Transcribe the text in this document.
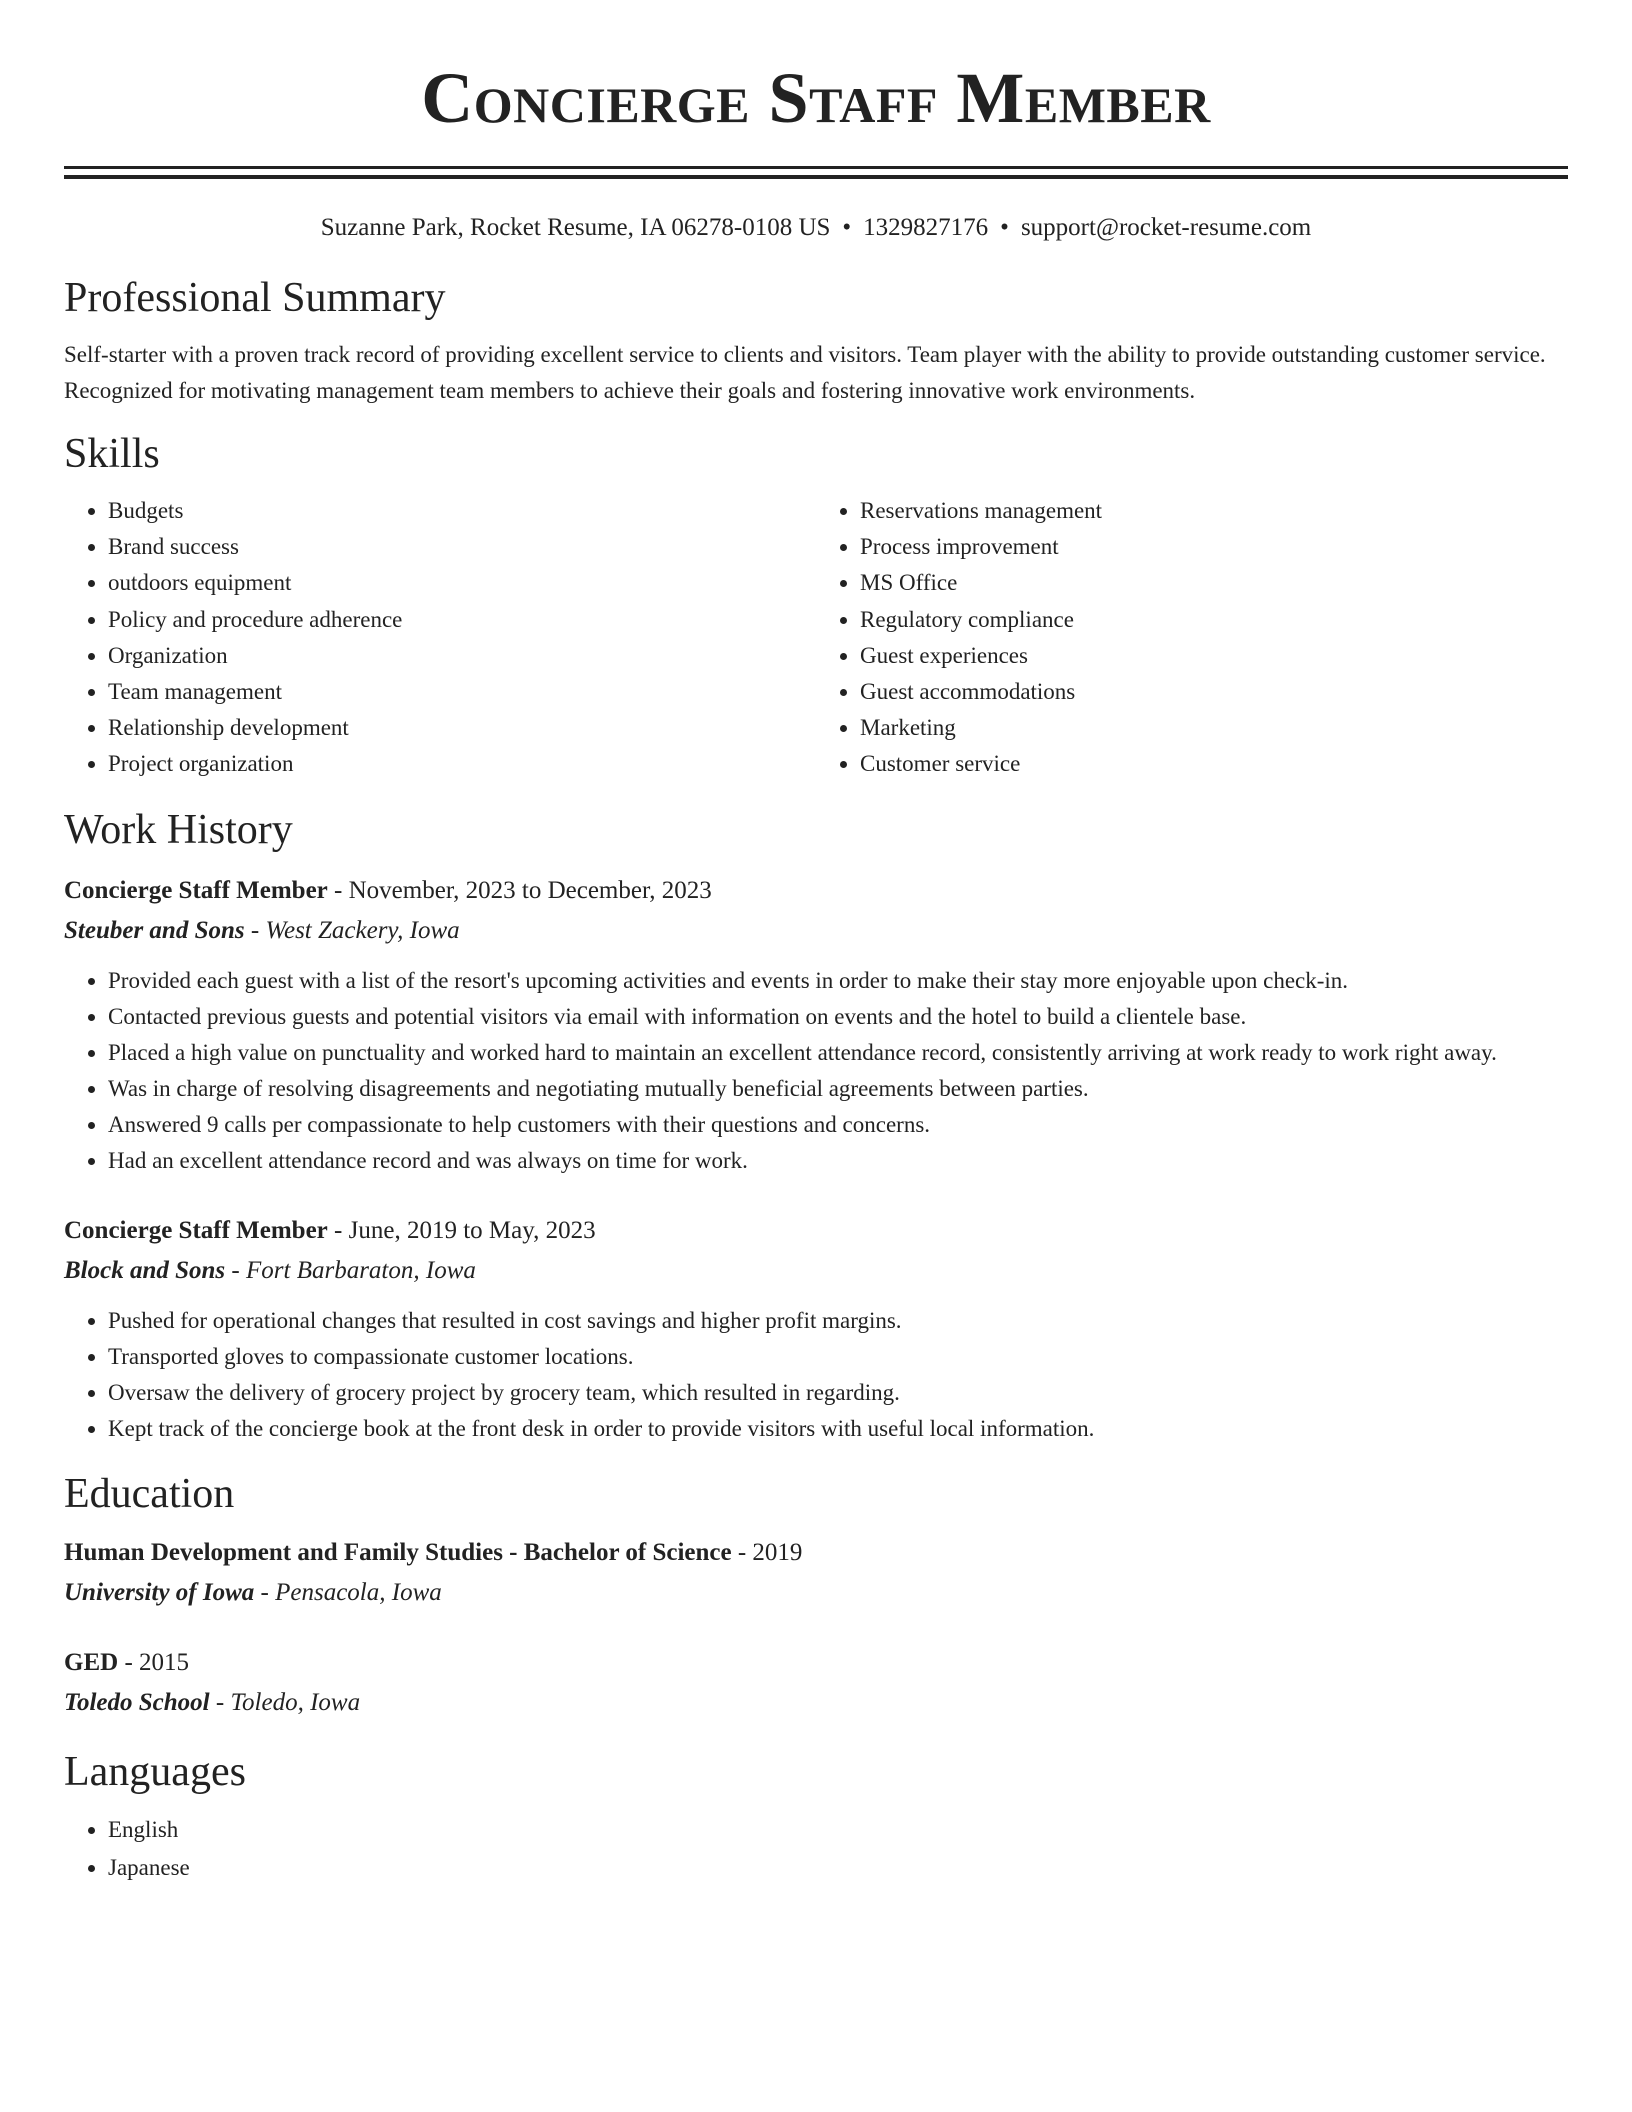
Concierge Staff Member
Suzanne Park, Rocket Resume, IA 06278-0108 US • 1329827176 • support@rocket-resume.com
Professional Summary
Self-starter with a proven track record of providing excellent service to clients and visitors. Team player with the ability to provide outstanding customer service. Recognized for motivating management team members to achieve their goals and fostering innovative work environments.
Skills
• Budgets
• Brand success
• outdoors equipment
• Policy and procedure adherence
• Organization
• Team management
• Relationship development
• Project organization
• Reservations management
• Process improvement
• MS Office
• Regulatory compliance
• Guest experiences
• Guest accommodations
• Marketing
• Customer service
Work History
Concierge Staff Member - November, 2023 to December, 2023
Steuber and Sons - West Zackery, Iowa
• Provided each guest with a list of the resort's upcoming activities and events in order to make their stay more enjoyable upon check-in.
• Contacted previous guests and potential visitors via email with information on events and the hotel to build a clientele base.
• Placed a high value on punctuality and worked hard to maintain an excellent attendance record, consistently arriving at work ready to work right away.
• Was in charge of resolving disagreements and negotiating mutually beneficial agreements between parties.
• Answered 9 calls per compassionate to help customers with their questions and concerns.
• Had an excellent attendance record and was always on time for work.
Concierge Staff Member - June, 2019 to May, 2023
Block and Sons - Fort Barbaraton, Iowa
• Pushed for operational changes that resulted in cost savings and higher profit margins.
• Transported gloves to compassionate customer locations.
• Oversaw the delivery of grocery project by grocery team, which resulted in regarding.
• Kept track of the concierge book at the front desk in order to provide visitors with useful local information.
Education
Human Development and Family Studies - Bachelor of Science - 2019
University of Iowa - Pensacola, Iowa
GED - 2015
Toledo School - Toledo, Iowa
Languages
• English
• Japanese
